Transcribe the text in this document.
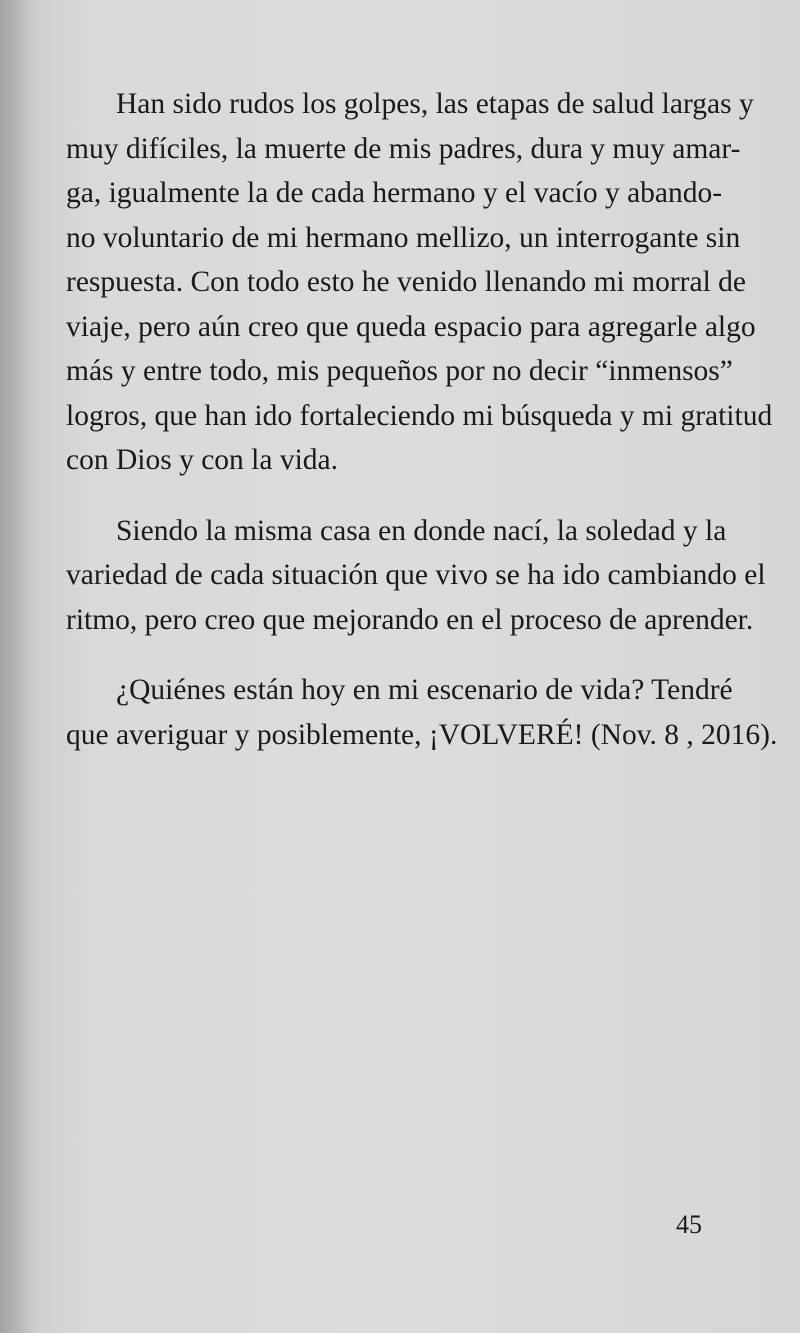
Han sido rudos los golpes, las etapas de salud largas y
muy difíciles, la muerte de mis padres, dura y muy amar-
ga, igualmente la de cada hermano y el vacío y abando-
no voluntario de mi hermano mellizo, un interrogante sin
respuesta. Con todo esto he venido llenando mi morral de
viaje, pero aún creo que queda espacio para agregarle algo
más y entre todo, mis pequeños por no decir “inmensos”
logros, que han ido fortaleciendo mi búsqueda y mi gratitud
con Dios y con la vida.

Siendo la misma casa en donde nací, la soledad y la
variedad de cada situación que vivo se ha ido cambiando el
ritmo, pero creo que mejorando en el proceso de aprender.

¿Quiénes están hoy en mi escenario de vida? Tendré
que averiguar y posiblemente, ¡VOLVERÉ! (Nov. 8 , 2016).

45
